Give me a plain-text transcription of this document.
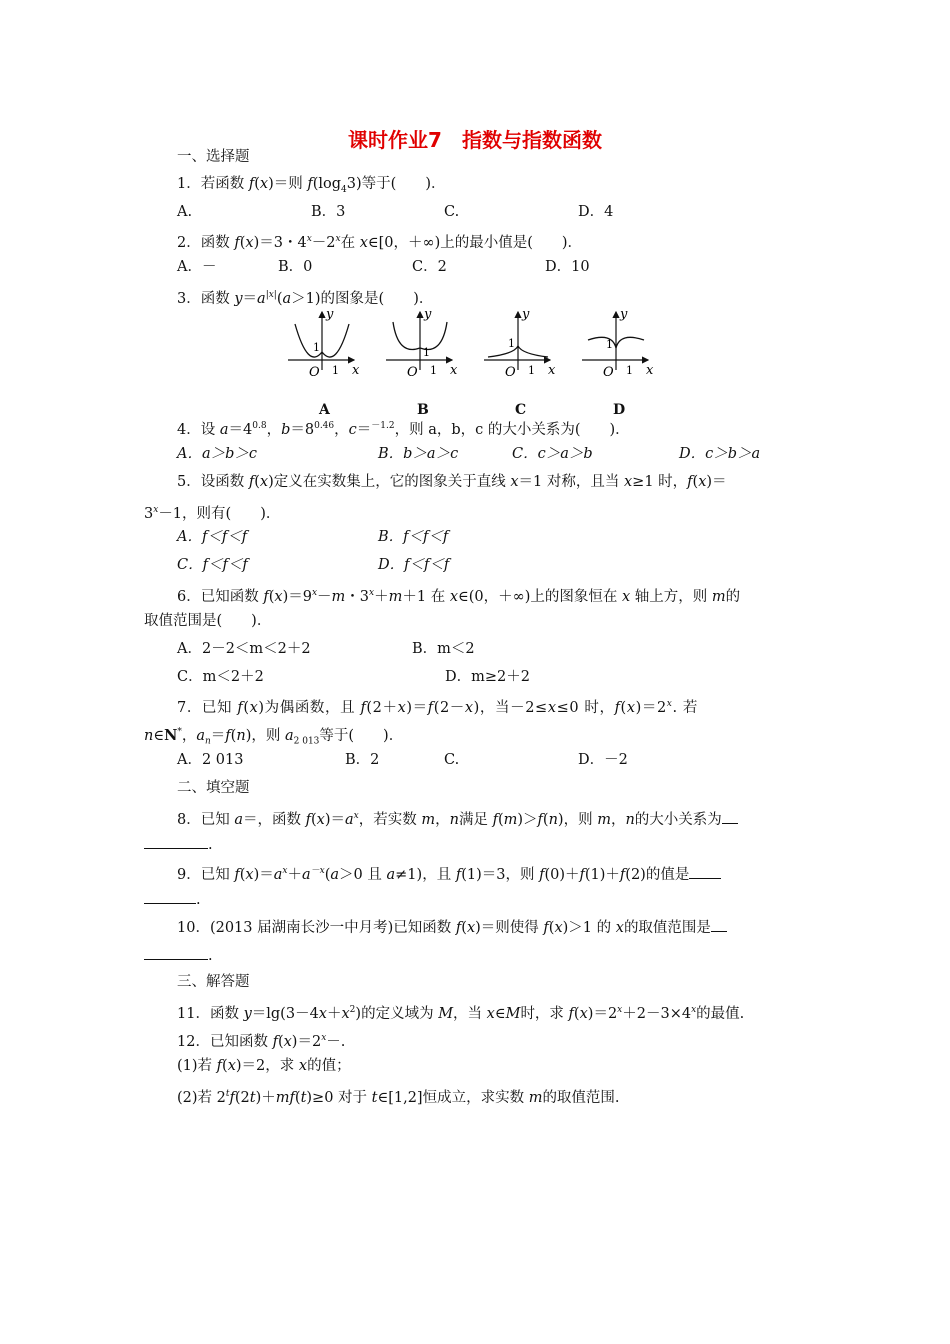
课时作业7　指数与指数函数
一、选择题
1．若函数 f(x)＝则 $f(\log_43)$等于(　　)．
A.	B．3	C.	D．4
2．函数 f(x)＝3・$4^x-2^x$在 x∈[0，＋∞)上的最小值是(　　)．
A．－	B．0	C．2	D．10
3．函数 $y=a^{|x|}(a>1)$的图象是(　　)．
y
x
O
1
1
y
x
O
1
1
y
x
O
1
1
y
x
O
1
1
A	B	C	D
4．设 $a=4^{0.8}$，$b=8^{0.46}$，c＝$^{-1.2}$，则 a，b，c 的大小关系为(　　)．
A．a＞b＞c	B．b＞a＞c	C．c＞a＞b	D．c＞b＞a
5．设函数 f(x)定义在实数集上，它的图象关于直线 x＝1 对称，且当 x≥1 时，f(x)＝
$3^x-1$，则有(　　)．
A．f＜f＜f	B．f＜f＜f
C．f＜f＜f	D．f＜f＜f
6．已知函数 $f(x)=9^x-m$・$3^x+m+1$ 在 x∈(0，＋∞)上的图象恒在 x 轴上方，则 m的
取值范围是(　　)．
A．2－2＜m＜2＋2	B．m＜2
C．m＜2＋2	D．m≥2＋2
7．已知 f(x)为偶函数，且 f(2＋x)＝f(2－x)，当－2≤x≤0 时，$f(x)=2^x$. 若
n∈N*，$a_n=f(n)$，则 $a_{2 013}$等于(　　)．
A．2 013	B．2	C.	D．－2
二、填空题
8．已知 a＝，函数 $f(x)=a^x$，若实数 m，n满足 f(m)＞f(n)，则 m，n的大小关系为
.
9．已知 $f(x)=a^x+a^{-x}(a>0$ 且 a≠1)，且 f(1)＝3，则 f(0)＋f(1)＋f(2)的值是
.
10．(2013 届湖南长沙一中月考)已知函数 f(x)＝则使得 f(x)＞1 的 x的取值范围是
.
三、解答题
11．函数 $y=\lg(3-4x+x^2)$的定义域为 M，当 x∈M时，求 $f(x)=2^x+2-3\times 4^x$的最值.
12．已知函数 $f(x)=2^x-$.
(1)若 f(x)＝2，求 x的值；
(2)若 $2^tf(2t)+mf(t)\ge 0$ 对于 t∈[1,2]恒成立，求实数 m的取值范围.
